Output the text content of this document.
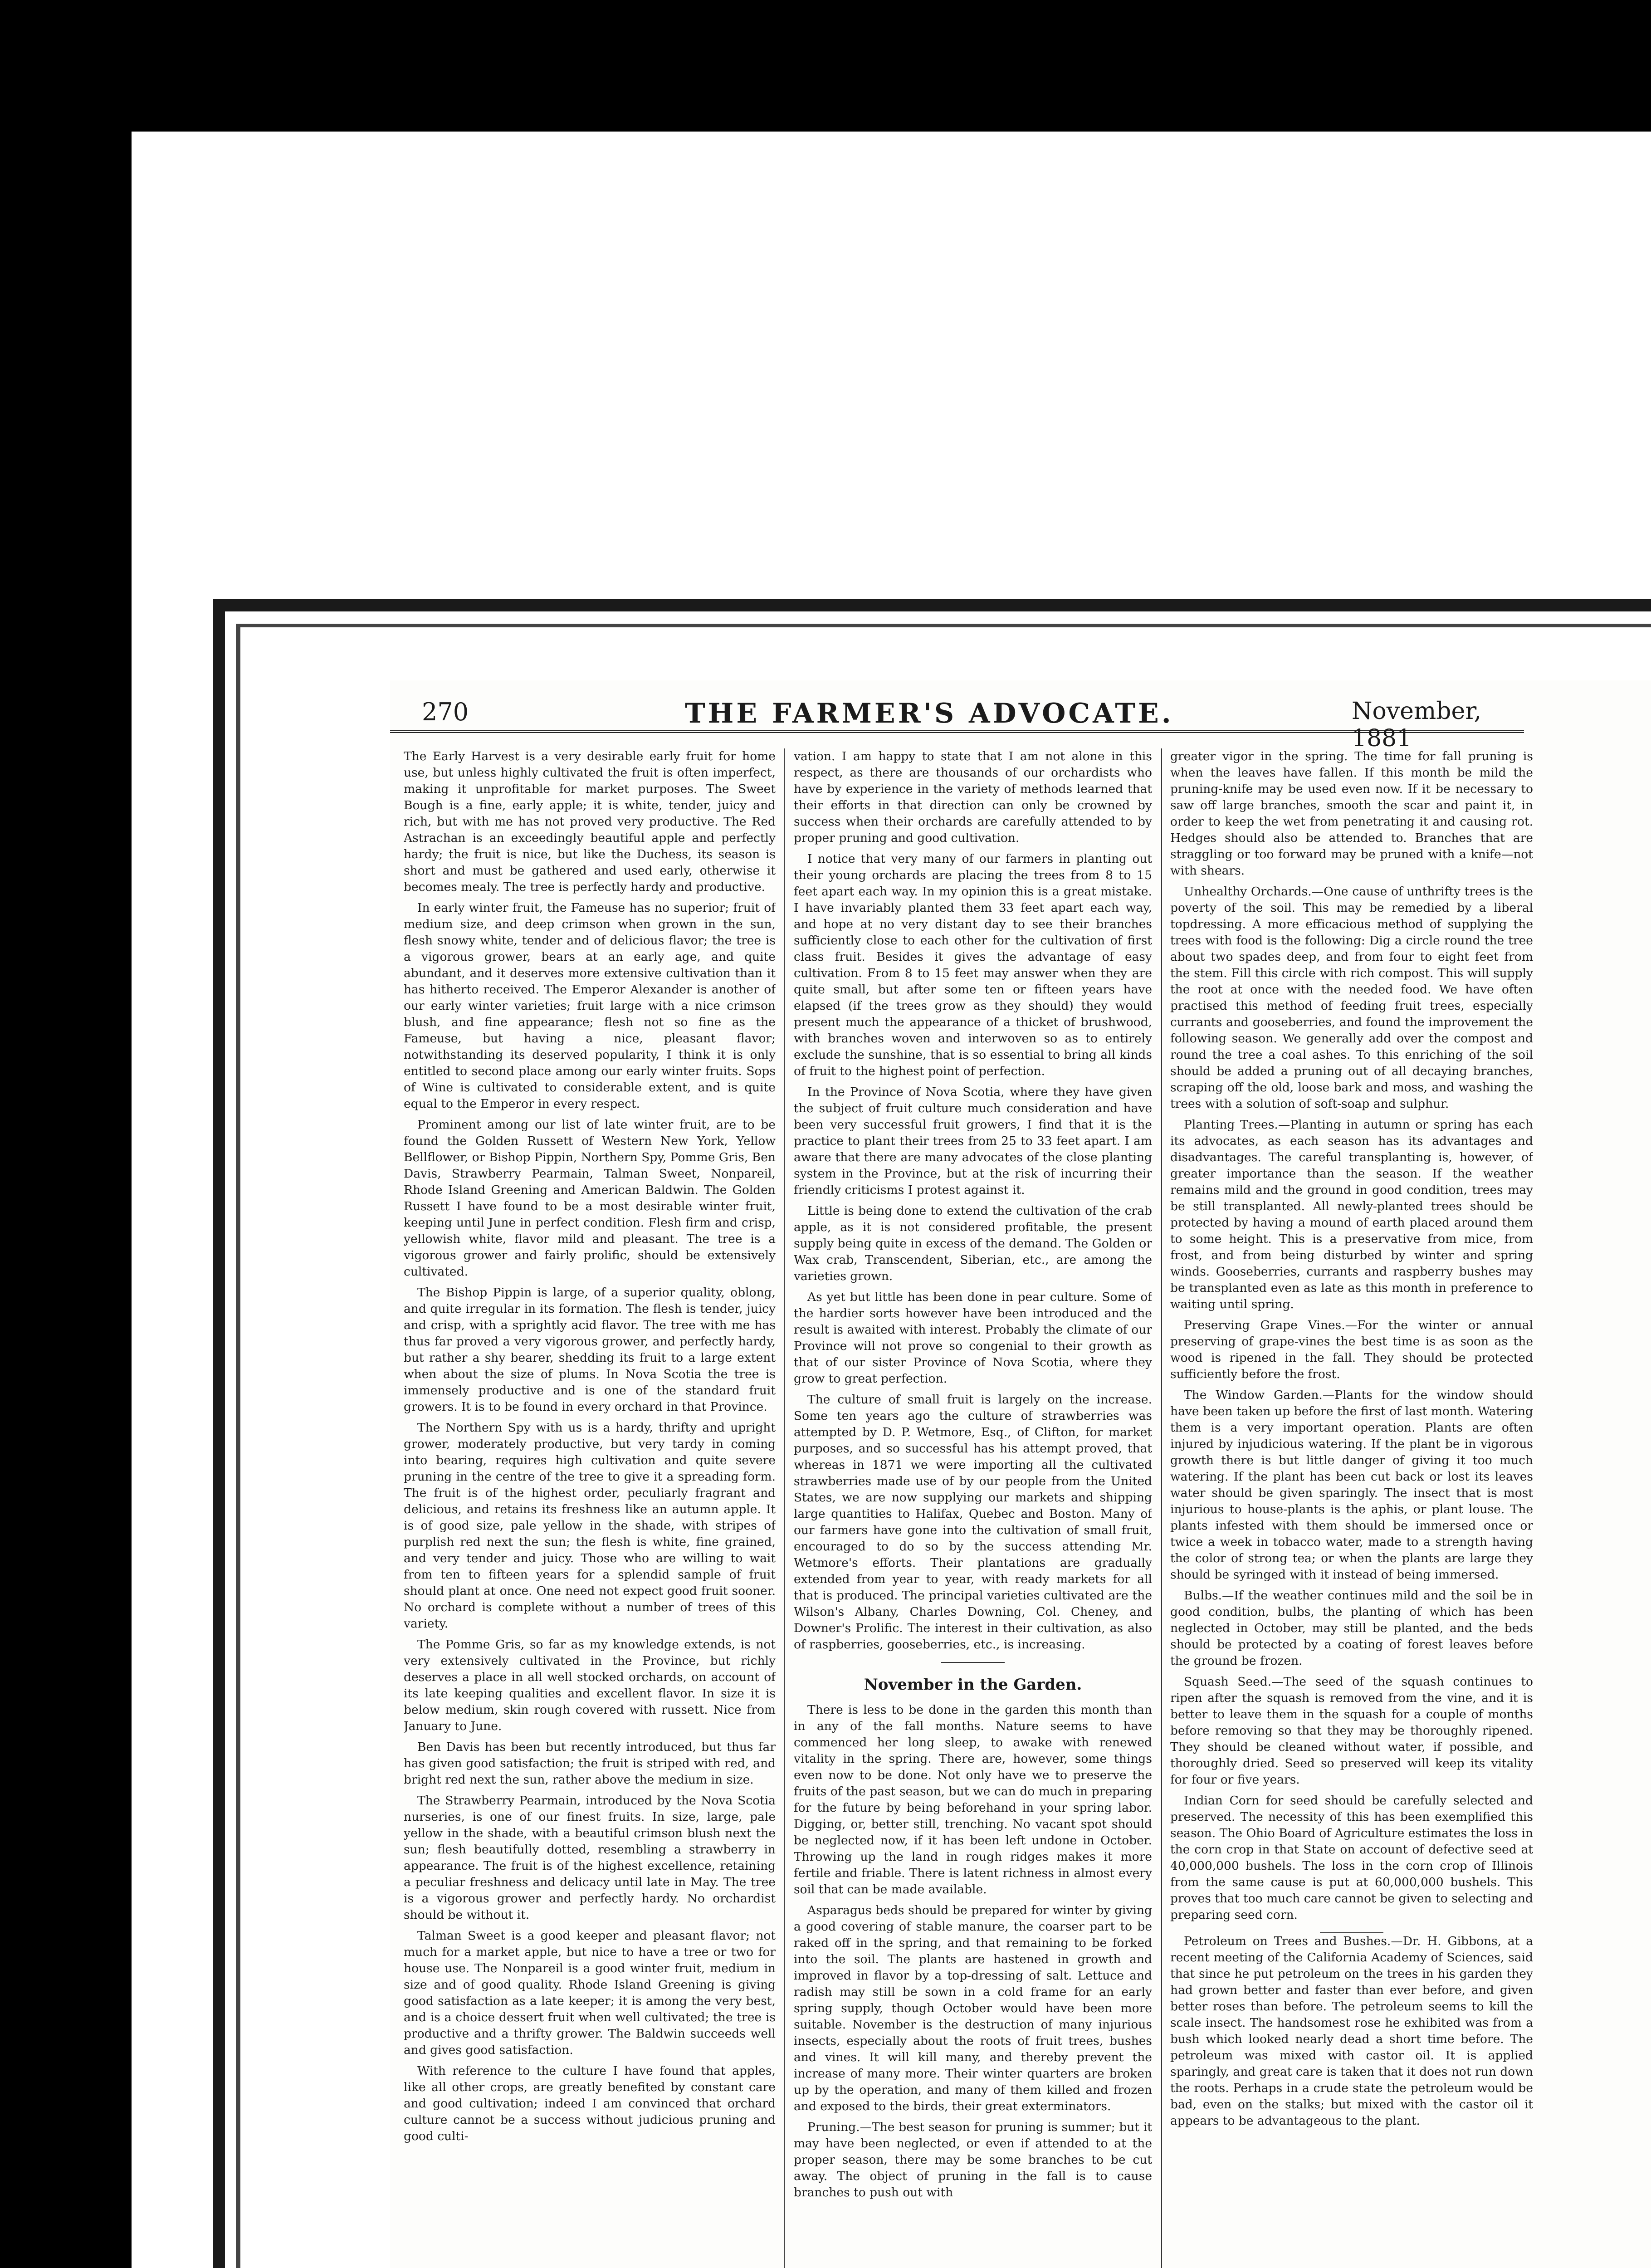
270	THE FARMER'S ADVOCATE.	November, 1881

The Early Harvest is a very desirable early fruit for home use, but unless highly cultivated the fruit is often imperfect, making it unprofitable for market purposes. The Sweet Bough is a fine, early apple; it is white, tender, juicy and rich, but with me has not proved very productive. The Red Astrachan is an exceedingly beautiful apple and perfectly hardy; the fruit is nice, but like the Duchess, its season is short and must be gathered and used early, otherwise it becomes mealy. The tree is perfectly hardy and productive.

In early winter fruit, the Fameuse has no superior; fruit of medium size, and deep crimson when grown in the sun, flesh snowy white, tender and of delicious flavor; the tree is a vigorous grower, bears at an early age, and quite abundant, and it deserves more extensive cultivation than it has hitherto received. The Emperor Alexander is another of our early winter varieties; fruit large with a nice crimson blush, and fine appearance; flesh not so fine as the Fameuse, but having a nice, pleasant flavor; notwithstanding its deserved popularity, I think it is only entitled to second place among our early winter fruits. Sops of Wine is cultivated to considerable extent, and is quite equal to the Emperor in every respect.

Prominent among our list of late winter fruit, are to be found the Golden Russett of Western New York, Yellow Bellflower, or Bishop Pippin, Northern Spy, Pomme Gris, Ben Davis, Strawberry Pearmain, Talman Sweet, Nonpareil, Rhode Island Greening and American Baldwin. The Golden Russett I have found to be a most desirable winter fruit, keeping until June in perfect condition. Flesh firm and crisp, yellowish white, flavor mild and pleasant. The tree is a vigorous grower and fairly prolific, should be extensively cultivated.

The Bishop Pippin is large, of a superior quality, oblong, and quite irregular in its formation. The flesh is tender, juicy and crisp, with a sprightly acid flavor. The tree with me has thus far proved a very vigorous grower, and perfectly hardy, but rather a shy bearer, shedding its fruit to a large extent when about the size of plums. In Nova Scotia the tree is immensely productive and is one of the standard fruit growers. It is to be found in every orchard in that Province.

The Northern Spy with us is a hardy, thrifty and upright grower, moderately productive, but very tardy in coming into bearing, requires high cultivation and quite severe pruning in the centre of the tree to give it a spreading form. The fruit is of the highest order, peculiarly fragrant and delicious, and retains its freshness like an autumn apple. It is of good size, pale yellow in the shade, with stripes of purplish red next the sun; the flesh is white, fine grained, and very tender and juicy. Those who are willing to wait from ten to fifteen years for a splendid sample of fruit should plant at once. One need not expect good fruit sooner. No orchard is complete without a number of trees of this variety.

The Pomme Gris, so far as my knowledge extends, is not very extensively cultivated in the Province, but richly deserves a place in all well stocked orchards, on account of its late keeping qualities and excellent flavor. In size it is below medium, skin rough covered with russett. Nice from January to June.

Ben Davis has been but recently introduced, but thus far has given good satisfaction; the fruit is striped with red, and bright red next the sun, rather above the medium in size.

The Strawberry Pearmain, introduced by the Nova Scotia nurseries, is one of our finest fruits. In size, large, pale yellow in the shade, with a beautiful crimson blush next the sun; flesh beautifully dotted, resembling a strawberry in appearance. The fruit is of the highest excellence, retaining a peculiar freshness and delicacy until late in May. The tree is a vigorous grower and perfectly hardy. No orchardist should be without it.

Talman Sweet is a good keeper and pleasant flavor; not much for a market apple, but nice to have a tree or two for house use. The Nonpareil is a good winter fruit, medium in size and of good quality. Rhode Island Greening is giving good satisfaction as a late keeper; it is among the very best, and is a choice dessert fruit when well cultivated; the tree is productive and a thrifty grower. The Baldwin succeeds well and gives good satisfaction.

With reference to the culture I have found that apples, like all other crops, are greatly benefited by constant care and good cultivation; indeed I am convinced that orchard culture cannot be a success without judicious pruning and good culti-

vation. I am happy to state that I am not alone in this respect, as there are thousands of our orchardists who have by experience in the variety of methods learned that their efforts in that direction can only be crowned by success when their orchards are carefully attended to by proper pruning and good cultivation.

I notice that very many of our farmers in planting out their young orchards are placing the trees from 8 to 15 feet apart each way. In my opinion this is a great mistake. I have invariably planted them 33 feet apart each way, and hope at no very distant day to see their branches sufficiently close to each other for the cultivation of first class fruit. Besides it gives the advantage of easy cultivation. From 8 to 15 feet may answer when they are quite small, but after some ten or fifteen years have elapsed (if the trees grow as they should) they would present much the appearance of a thicket of brushwood, with branches woven and interwoven so as to entirely exclude the sunshine, that is so essential to bring all kinds of fruit to the highest point of perfection.

In the Province of Nova Scotia, where they have given the subject of fruit culture much consideration and have been very successful fruit growers, I find that it is the practice to plant their trees from 25 to 33 feet apart. I am aware that there are many advocates of the close planting system in the Province, but at the risk of incurring their friendly criticisms I protest against it.

Little is being done to extend the cultivation of the crab apple, as it is not considered profitable, the present supply being quite in excess of the demand. The Golden or Wax crab, Transcendent, Siberian, etc., are among the varieties grown.

As yet but little has been done in pear culture. Some of the hardier sorts however have been introduced and the result is awaited with interest. Probably the climate of our Province will not prove so congenial to their growth as that of our sister Province of Nova Scotia, where they grow to great perfection.

The culture of small fruit is largely on the increase. Some ten years ago the culture of strawberries was attempted by D. P. Wetmore, Esq., of Clifton, for market purposes, and so successful has his attempt proved, that whereas in 1871 we were importing all the cultivated strawberries made use of by our people from the United States, we are now supplying our markets and shipping large quantities to Halifax, Quebec and Boston. Many of our farmers have gone into the cultivation of small fruit, encouraged to do so by the success attending Mr. Wetmore's efforts. Their plantations are gradually extended from year to year, with ready markets for all that is produced. The principal varieties cultivated are the Wilson's Albany, Charles Downing, Col. Cheney, and Downer's Prolific. The interest in their cultivation, as also of raspberries, gooseberries, etc., is increasing.

November in the Garden.

There is less to be done in the garden this month than in any of the fall months. Nature seems to have commenced her long sleep, to awake with renewed vitality in the spring. There are, however, some things even now to be done. Not only have we to preserve the fruits of the past season, but we can do much in preparing for the future by being beforehand in your spring labor. Digging, or, better still, trenching. No vacant spot should be neglected now, if it has been left undone in October. Throwing up the land in rough ridges makes it more fertile and friable. There is latent richness in almost every soil that can be made available.

Asparagus beds should be prepared for winter by giving a good covering of stable manure, the coarser part to be raked off in the spring, and that remaining to be forked into the soil. The plants are hastened in growth and improved in flavor by a top-dressing of salt. Lettuce and radish may still be sown in a cold frame for an early spring supply, though October would have been more suitable. November is the destruction of many injurious insects, especially about the roots of fruit trees, bushes and vines. It will kill many, and thereby prevent the increase of many more. Their winter quarters are broken up by the operation, and many of them killed and frozen and exposed to the birds, their great exterminators.

Pruning.—The best season for pruning is summer; but it may have been neglected, or even if attended to at the proper season, there may be some branches to be cut away. The object of pruning in the fall is to cause branches to push out with

greater vigor in the spring. The time for fall pruning is when the leaves have fallen. If this month be mild the pruning-knife may be used even now. If it be necessary to saw off large branches, smooth the scar and paint it, in order to keep the wet from penetrating it and causing rot. Hedges should also be attended to. Branches that are straggling or too forward may be pruned with a knife—not with shears.

Unhealthy Orchards.—One cause of unthrifty trees is the poverty of the soil. This may be remedied by a liberal topdressing. A more efficacious method of supplying the trees with food is the following: Dig a circle round the tree about two spades deep, and from four to eight feet from the stem. Fill this circle with rich compost. This will supply the root at once with the needed food. We have often practised this method of feeding fruit trees, especially currants and gooseberries, and found the improvement the following season. We generally add over the compost and round the tree a coal ashes. To this enriching of the soil should be added a pruning out of all decaying branches, scraping off the old, loose bark and moss, and washing the trees with a solution of soft-soap and sulphur.

Planting Trees.—Planting in autumn or spring has each its advocates, as each season has its advantages and disadvantages. The careful transplanting is, however, of greater importance than the season. If the weather remains mild and the ground in good condition, trees may be still transplanted. All newly-planted trees should be protected by having a mound of earth placed around them to some height. This is a preservative from mice, from frost, and from being disturbed by winter and spring winds. Gooseberries, currants and raspberry bushes may be transplanted even as late as this month in preference to waiting until spring.

Preserving Grape Vines.—For the winter or annual preserving of grape-vines the best time is as soon as the wood is ripened in the fall. They should be protected sufficiently before the frost.

The Window Garden.—Plants for the window should have been taken up before the first of last month. Watering them is a very important operation. Plants are often injured by injudicious watering. If the plant be in vigorous growth there is but little danger of giving it too much watering. If the plant has been cut back or lost its leaves water should be given sparingly. The insect that is most injurious to house-plants is the aphis, or plant louse. The plants infested with them should be immersed once or twice a week in tobacco water, made to a strength having the color of strong tea; or when the plants are large they should be syringed with it instead of being immersed.

Bulbs.—If the weather continues mild and the soil be in good condition, bulbs, the planting of which has been neglected in October, may still be planted, and the beds should be protected by a coating of forest leaves before the ground be frozen.

Squash Seed.—The seed of the squash continues to ripen after the squash is removed from the vine, and it is better to leave them in the squash for a couple of months before removing so that they may be thoroughly ripened. They should be cleaned without water, if possible, and thoroughly dried. Seed so preserved will keep its vitality for four or five years.

Indian Corn for seed should be carefully selected and preserved. The necessity of this has been exemplified this season. The Ohio Board of Agriculture estimates the loss in the corn crop in that State on account of defective seed at 40,000,000 bushels. The loss in the corn crop of Illinois from the same cause is put at 60,000,000 bushels. This proves that too much care cannot be given to selecting and preparing seed corn.

Petroleum on Trees and Bushes.—Dr. H. Gibbons, at a recent meeting of the California Academy of Sciences, said that since he put petroleum on the trees in his garden they had grown better and faster than ever before, and given better roses than before. The petroleum seems to kill the scale insect. The handsomest rose he exhibited was from a bush which looked nearly dead a short time before. The petroleum was mixed with castor oil. It is applied sparingly, and great care is taken that it does not run down the roots. Perhaps in a crude state the petroleum would be bad, even on the stalks; but mixed with the castor oil it appears to be advantageous to the plant.
